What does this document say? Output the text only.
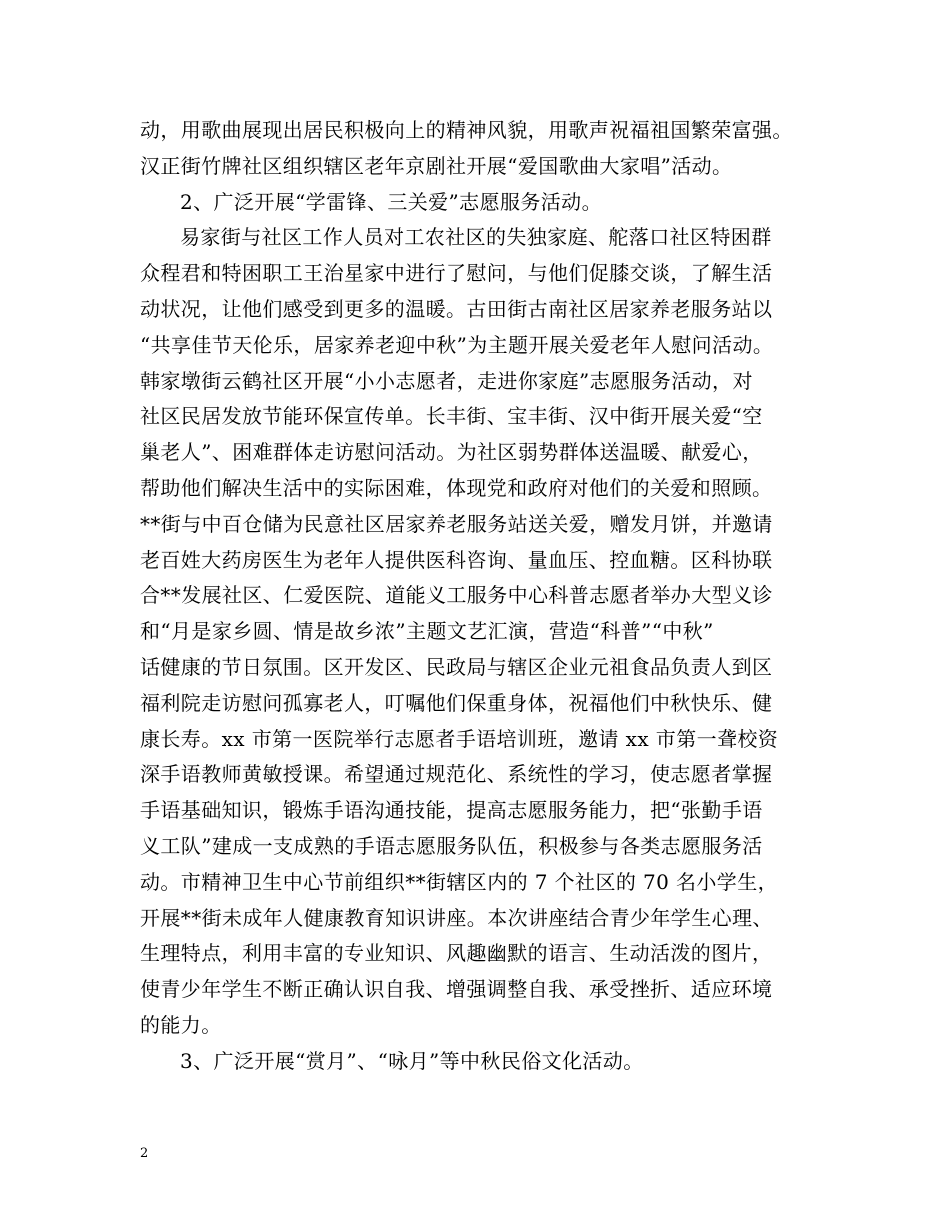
动，用歌曲展现出居民积极向上的精神风貌，用歌声祝福祖国繁荣富强。
汉正街竹牌社区组织辖区老年京剧社开展“爱国歌曲大家唱”活动。
2、广泛开展“学雷锋、三关爱”志愿服务活动。
易家街与社区工作人员对工农社区的失独家庭、舵落口社区特困群
众程君和特困职工王治星家中进行了慰问，与他们促膝交谈，了解生活
动状况，让他们感受到更多的温暖。古田街古南社区居家养老服务站以
“共享佳节天伦乐，居家养老迎中秋”为主题开展关爱老年人慰问活动。
韩家墩街云鹤社区开展“小小志愿者，走进你家庭”志愿服务活动，对
社区民居发放节能环保宣传单。长丰街、宝丰街、汉中街开展关爱“空
巢老人”、困难群体走访慰问活动。为社区弱势群体送温暖、献爱心，
帮助他们解决生活中的实际困难，体现党和政府对他们的关爱和照顾。
**街与中百仓储为民意社区居家养老服务站送关爱，赠发月饼，并邀请
老百姓大药房医生为老年人提供医科咨询、量血压、控血糖。区科协联
合**发展社区、仁爱医院、道能义工服务中心科普志愿者举办大型义诊
和“月是家乡圆、情是故乡浓”主题文艺汇演，营造“科普”“中秋”
话健康的节日氛围。区开发区、民政局与辖区企业元祖食品负责人到区
福利院走访慰问孤寡老人，叮嘱他们保重身体，祝福他们中秋快乐、健
康长寿。xx 市第一医院举行志愿者手语培训班，邀请 xx 市第一聋校资
深手语教师黄敏授课。希望通过规范化、系统性的学习，使志愿者掌握
手语基础知识，锻炼手语沟通技能，提高志愿服务能力，把“张勤手语
义工队”建成一支成熟的手语志愿服务队伍，积极参与各类志愿服务活
动。市精神卫生中心节前组织**街辖区内的 7 个社区的 70 名小学生，
开展**街未成年人健康教育知识讲座。本次讲座结合青少年学生心理、
生理特点，利用丰富的专业知识、风趣幽默的语言、生动活泼的图片，
使青少年学生不断正确认识自我、增强调整自我、承受挫折、适应环境
的能力。
3、广泛开展“赏月”、“咏月”等中秋民俗文化活动。
2
